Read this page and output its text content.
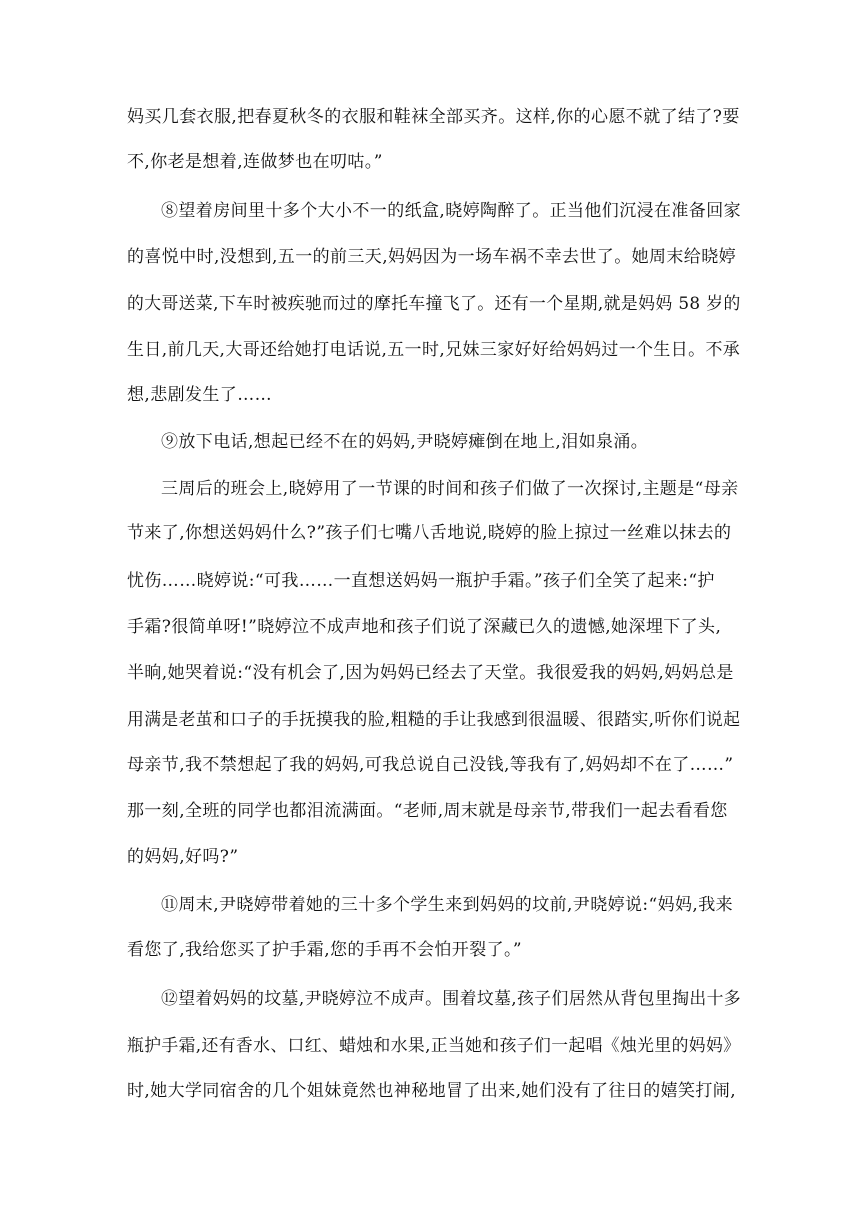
妈买几套衣服,把春夏秋冬的衣服和鞋袜全部买齐。这样,你的心愿不就了结了?要
不,你老是想着,连做梦也在叨咕。”
⑧望着房间里十多个大小不一的纸盒,晓婷陶醉了。正当他们沉浸在准备回家
的喜悦中时,没想到,五一的前三天,妈妈因为一场车祸不幸去世了。她周末给晓婷
的大哥送菜,下车时被疾驰而过的摩托车撞飞了。还有一个星期,就是妈妈 58 岁的
生日,前几天,大哥还给她打电话说,五一时,兄妹三家好好给妈妈过一个生日。不承
想,悲剧发生了……
⑨放下电话,想起已经不在的妈妈,尹晓婷瘫倒在地上,泪如泉涌。
三周后的班会上,晓婷用了一节课的时间和孩子们做了一次探讨,主题是“母亲
节来了,你想送妈妈什么?”孩子们七嘴八舌地说,晓婷的脸上掠过一丝难以抹去的
忧伤……晓婷说:“可我……一直想送妈妈一瓶护手霜。”孩子们全笑了起来:“护
手霜?很简单呀!”晓婷泣不成声地和孩子们说了深藏已久的遗憾,她深埋下了头,
半晌,她哭着说:“没有机会了,因为妈妈已经去了天堂。我很爱我的妈妈,妈妈总是
用满是老茧和口子的手抚摸我的脸,粗糙的手让我感到很温暖、很踏实,听你们说起
母亲节,我不禁想起了我的妈妈,可我总说自己没钱,等我有了,妈妈却不在了……”
那一刻,全班的同学也都泪流满面。“老师,周末就是母亲节,带我们一起去看看您
的妈妈,好吗?”
⑪周末,尹晓婷带着她的三十多个学生来到妈妈的坟前,尹晓婷说:“妈妈,我来
看您了,我给您买了护手霜,您的手再不会怕开裂了。”
⑫望着妈妈的坟墓,尹晓婷泣不成声。围着坟墓,孩子们居然从背包里掏出十多
瓶护手霜,还有香水、口红、蜡烛和水果,正当她和孩子们一起唱《烛光里的妈妈》
时,她大学同宿舍的几个姐妹竟然也神秘地冒了出来,她们没有了往日的嬉笑打闹,
